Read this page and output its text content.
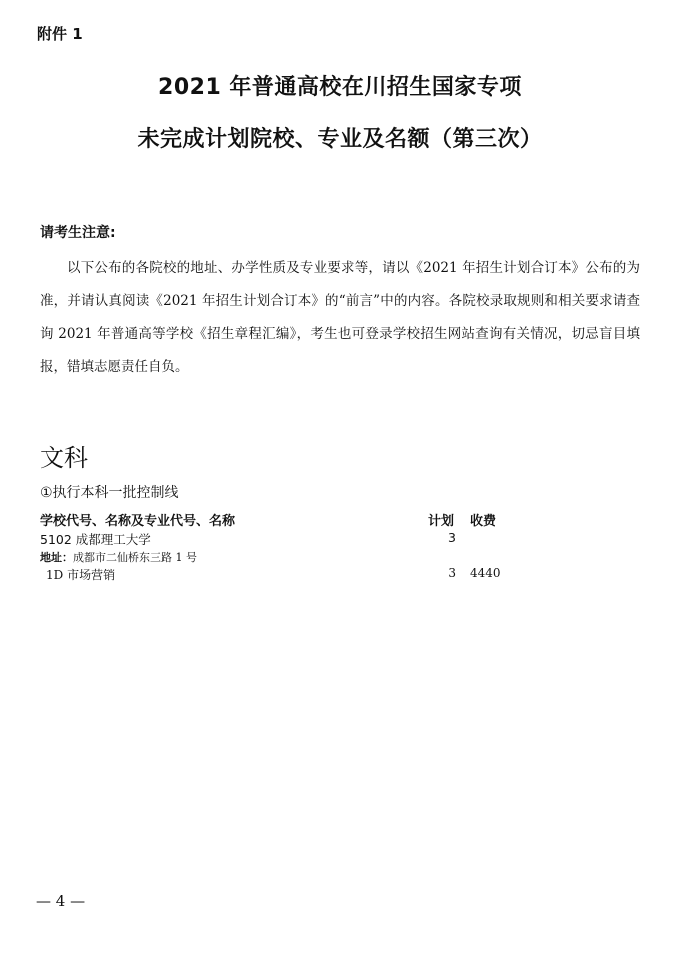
附件 1
2021 年普通高校在川招生国家专项
未完成计划院校、专业及名额（第三次）
请考生注意:
以下公布的各院校的地址、办学性质及专业要求等，请以《2021 年招生计划合订本》公布的为准，并请认真阅读《2021 年招生计划合订本》的“前言”中的内容。各院校录取规则和相关要求请查询 2021 年普通高等学校《招生章程汇编》，考生也可登录学校招生网站查询有关情况，切忌盲目填报，错填志愿责任自负。
文科
①执行本科一批控制线
学校代号、名称及专业代号、名称	计划	收费
5102 成都理工大学	3
地址：成都市二仙桥东三路 1 号
1D 市场营销	3 4440
— 4 —
